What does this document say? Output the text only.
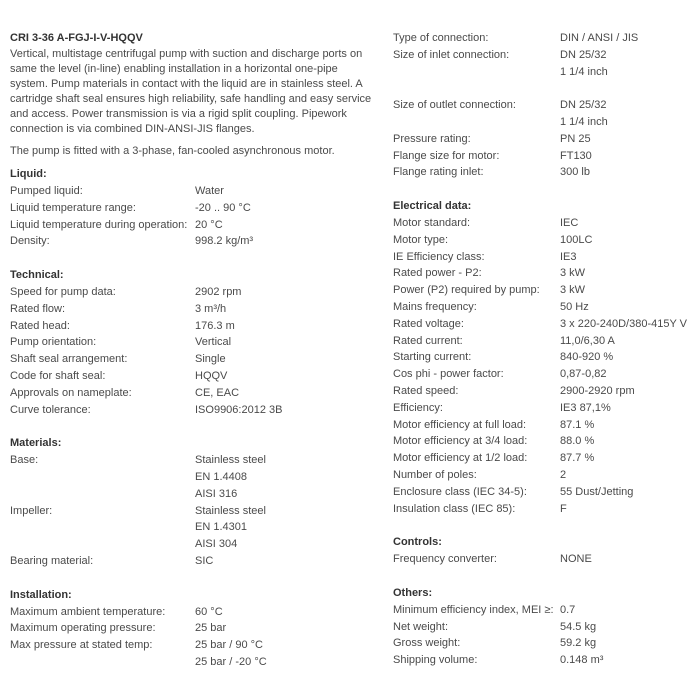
CRI 3-36 A-FGJ-I-V-HQQV
Vertical, multistage centrifugal pump with suction and discharge ports on same the level (in-line) enabling installation in a horizontal one-pipe system. Pump materials in contact with the liquid are in stainless steel. A cartridge shaft seal ensures high reliability, safe handling and easy service and access. Power transmission is via a rigid split coupling. Pipework connection is via combined DIN-ANSI-JIS flanges.
The pump is fitted with a 3-phase, fan-cooled asynchronous motor.
Liquid:
Pumped liquid:	Water
Liquid temperature range:	-20 .. 90 °C
Liquid temperature during operation: 20 °C
Density:	998.2 kg/m³
Technical:
Speed for pump data:	2902 rpm
Rated flow:	3 m³/h
Rated head:	176.3 m
Pump orientation:	Vertical
Shaft seal arrangement:	Single
Code for shaft seal:	HQQV
Approvals on nameplate:	CE, EAC
Curve tolerance:	ISO9906:2012 3B
Materials:
Base:	Stainless steel
EN 1.4408
AISI 316
Impeller:	Stainless steel
EN 1.4301
AISI 304
Bearing material:	SIC
Installation:
Maximum ambient temperature:	60 °C
Maximum operating pressure:	25 bar
Max pressure at stated temp:	25 bar / 90 °C
25 bar / -20 °C
Type of connection:	DIN / ANSI / JIS
Size of inlet connection:	DN 25/32
1 1/4 inch
Size of outlet connection:	DN 25/32
1 1/4 inch
Pressure rating:	PN 25
Flange size for motor:	FT130
Flange rating inlet:	300 lb
Electrical data:
Motor standard:	IEC
Motor type:	100LC
IE Efficiency class:	IE3
Rated power - P2:	3 kW
Power (P2) required by pump:	3 kW
Mains frequency:	50 Hz
Rated voltage:	3 x 220-240D/380-415Y V
Rated current:	11,0/6,30 A
Starting current:	840-920 %
Cos phi - power factor:	0,87-0,82
Rated speed:	2900-2920 rpm
Efficiency:	IE3 87,1%
Motor efficiency at full load:	87.1 %
Motor efficiency at 3/4 load:	88.0 %
Motor efficiency at 1/2 load:	87.7 %
Number of poles:	2
Enclosure class (IEC 34-5):	55 Dust/Jetting
Insulation class (IEC 85):	F
Controls:
Frequency converter:	NONE
Others:
Minimum efficiency index, MEI ≥: 0.7
Net weight:	54.5 kg
Gross weight:	59.2 kg
Shipping volume:	0.148 m³
